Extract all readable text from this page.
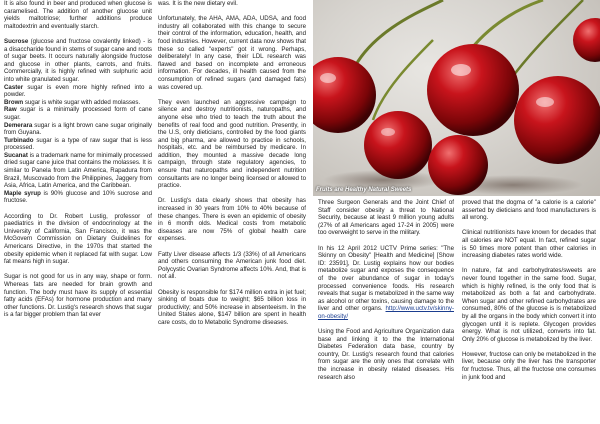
It is also found in beer and produced when glucose is caramelised. The addition of another glucose unit yields maltotriose; further additions produce maltodextrin and eventually starch.

Sucrose (glucose and fructose covalently linked) - is a disaccharide found in stems of sugar cane and roots of sugar beets. It occurs naturally alongside fructose and glucose in other plants, carrots, and fruits. Commercially, it is highly refined with sulphuric acid into white granulated sugar.
Caster sugar is even more highly refined into a powder.
Brown sugar is white sugar with added molasses.
Raw sugar is a minimally processed form of cane sugar.
Demerara sugar is a light brown cane sugar originally from Guyana.
Turbinado sugar is a type of raw sugar that is less processed.
Sucanat is a trademark name for minimally processed dried sugar cane juice that contains the molasses. It is similar to Panela from Latin America, Rapadura from Brazil, Muscovado from the Philippines, Jaggery from Asia, Africa, Latin America, and the Caribbean.
Maple syrup is 90% glucose and 10% sucrose and fructose.

According to Dr. Robert Lustig, professor of paediatrics in the division of endocrinology at the University of California, San Francisco, it was the McGovern Commission on Dietary Guidelines for Americans Directive, in the 1970s that started the obesity epidemic when it replaced fat with sugar. Low fat means high in sugar.

Sugar is not good for us in any way, shape or form. Whereas fats are needed for brain growth and function. The body must have its supply of essential fatty acids (EFAs) for hormone production and many other functions. Dr. Lustig's research shows that sugar is a far bigger problem than fat ever

was. It is the new dietary evil.

Unfortunately, the AHA, AMA, ADA, UDSA, and food industry all collaborated with this change to secure their control of the information, education, health, and food industries. However, current data now shows that these so called "experts" got it wrong. Perhaps, deliberately! In any case, their LDL research was flawed and based on incomplete and erroneous information. For decades, ill health caused from the consumption of refined sugars (and damaged fats) was covered up.

They even launched an aggressive campaign to silence and destroy nutritionists, naturopaths, and anyone else who tried to teach the truth about the benefits of real food and good nutrition. Presently, in the U.S, only dieticians, controlled by the food giants and big pharma, are allowed to practice in schools, hospitals, etc. and be reimbursed by medicare. In addition, they mounted a massive decade long campaign, through state regulatory agencies, to ensure that naturopaths and independent nutrition consultants are no longer being licensed or allowed to practice.

Dr. Lustig's data clearly shows that obesity has increased in 30 years from 10% to 40% because of these changes. There is even an epidemic of obesity in 6 month olds. Medical costs from metabolic diseases are now 75% of global health care expenses.

Fatty Liver disease affects 1/3 (33%) of all Americans and others consuming the American junk food diet. Polycystic Ovarian Syndrome affects 10%. And, that is not all.

Obesity is responsible for $174 million extra in jet fuel; sinking of boats due to weight; $65 billion loss in productivity; and 50% increase in absenteeism. In the United States alone, $147 billion are spent in health care costs, do to Metabolic Syndrome diseases.

Fruits are Healthy Natural Sweets

Three Surgeon Generals and the Joint Chief of Staff consider obesity a threat to National Security, because at least 9 million young adults (27% of all Americans aged 17-24 in 2005) were too overweight to serve in the military.

In his 12 April 2012 UCTV Prime series: "The Skinny on Obesity" [Health and Medicine] [Show ID: 23591], Dr. Lustig explains how our bodies metabolize sugar and exposes the consequence of the over abundance of sugar in today's processed convenience foods. His research reveals that sugar is metabolized in the same way as alcohol or other toxins, causing damage to the liver and other organs. http://www.uctv.tv/skinny-on-obesity/

Using the Food and Agriculture Organization data base and linking it to the the International Diabetes Federation data base, country by country, Dr. Lustig's research found that calories from sugar are the only ones that correlate with the increase in obesity related diseases. His research also

proved that the dogma of "a calorie is a calorie" asserted by dieticians and food manufacturers is all wrong.

Clinical nutritionists have known for decades that all calories are NOT equal. In fact, refined sugar is 50 times more potent than other calories in increasing diabetes rates world wide.

In nature, fat and carbohydrates/sweets are never found together in the same food. Sugar, which is highly refined, is the only food that is metabolized as both a fat and carbohydrate. When sugar and other refined carbohydrates are consumed, 80% of the glucose is is metabolized by all the organs in the body which convert it into glycogen until it is replete. Glycogen provides energy. What is not utilized, converts into fat. Only 20% of glucose is metabolized by the liver.

However, fructose can only be metabolized in the liver, because only the liver has the transporter for fructose. Thus, all the fructose one consumes in junk food and
